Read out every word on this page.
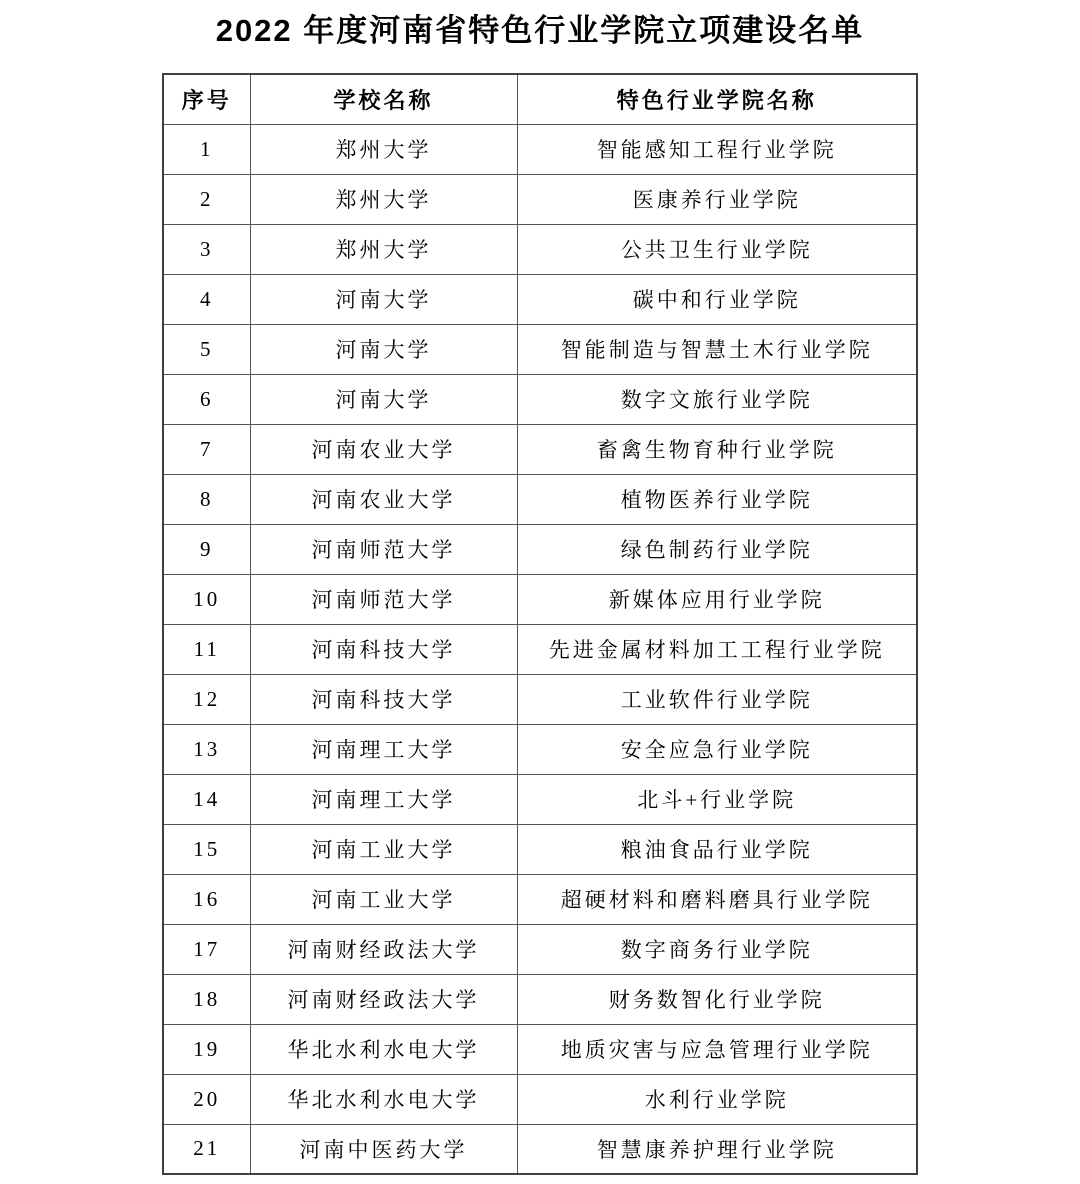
2022 年度河南省特色行业学院立项建设名单
序号	学校名称	特色行业学院名称
1	郑州大学	智能感知工程行业学院
2	郑州大学	医康养行业学院
3	郑州大学	公共卫生行业学院
4	河南大学	碳中和行业学院
5	河南大学	智能制造与智慧土木行业学院
6	河南大学	数字文旅行业学院
7	河南农业大学	畜禽生物育种行业学院
8	河南农业大学	植物医养行业学院
9	河南师范大学	绿色制药行业学院
10	河南师范大学	新媒体应用行业学院
11	河南科技大学	先进金属材料加工工程行业学院
12	河南科技大学	工业软件行业学院
13	河南理工大学	安全应急行业学院
14	河南理工大学	北斗+行业学院
15	河南工业大学	粮油食品行业学院
16	河南工业大学	超硬材料和磨料磨具行业学院
17	河南财经政法大学	数字商务行业学院
18	河南财经政法大学	财务数智化行业学院
19	华北水利水电大学	地质灾害与应急管理行业学院
20	华北水利水电大学	水利行业学院
21	河南中医药大学	智慧康养护理行业学院
